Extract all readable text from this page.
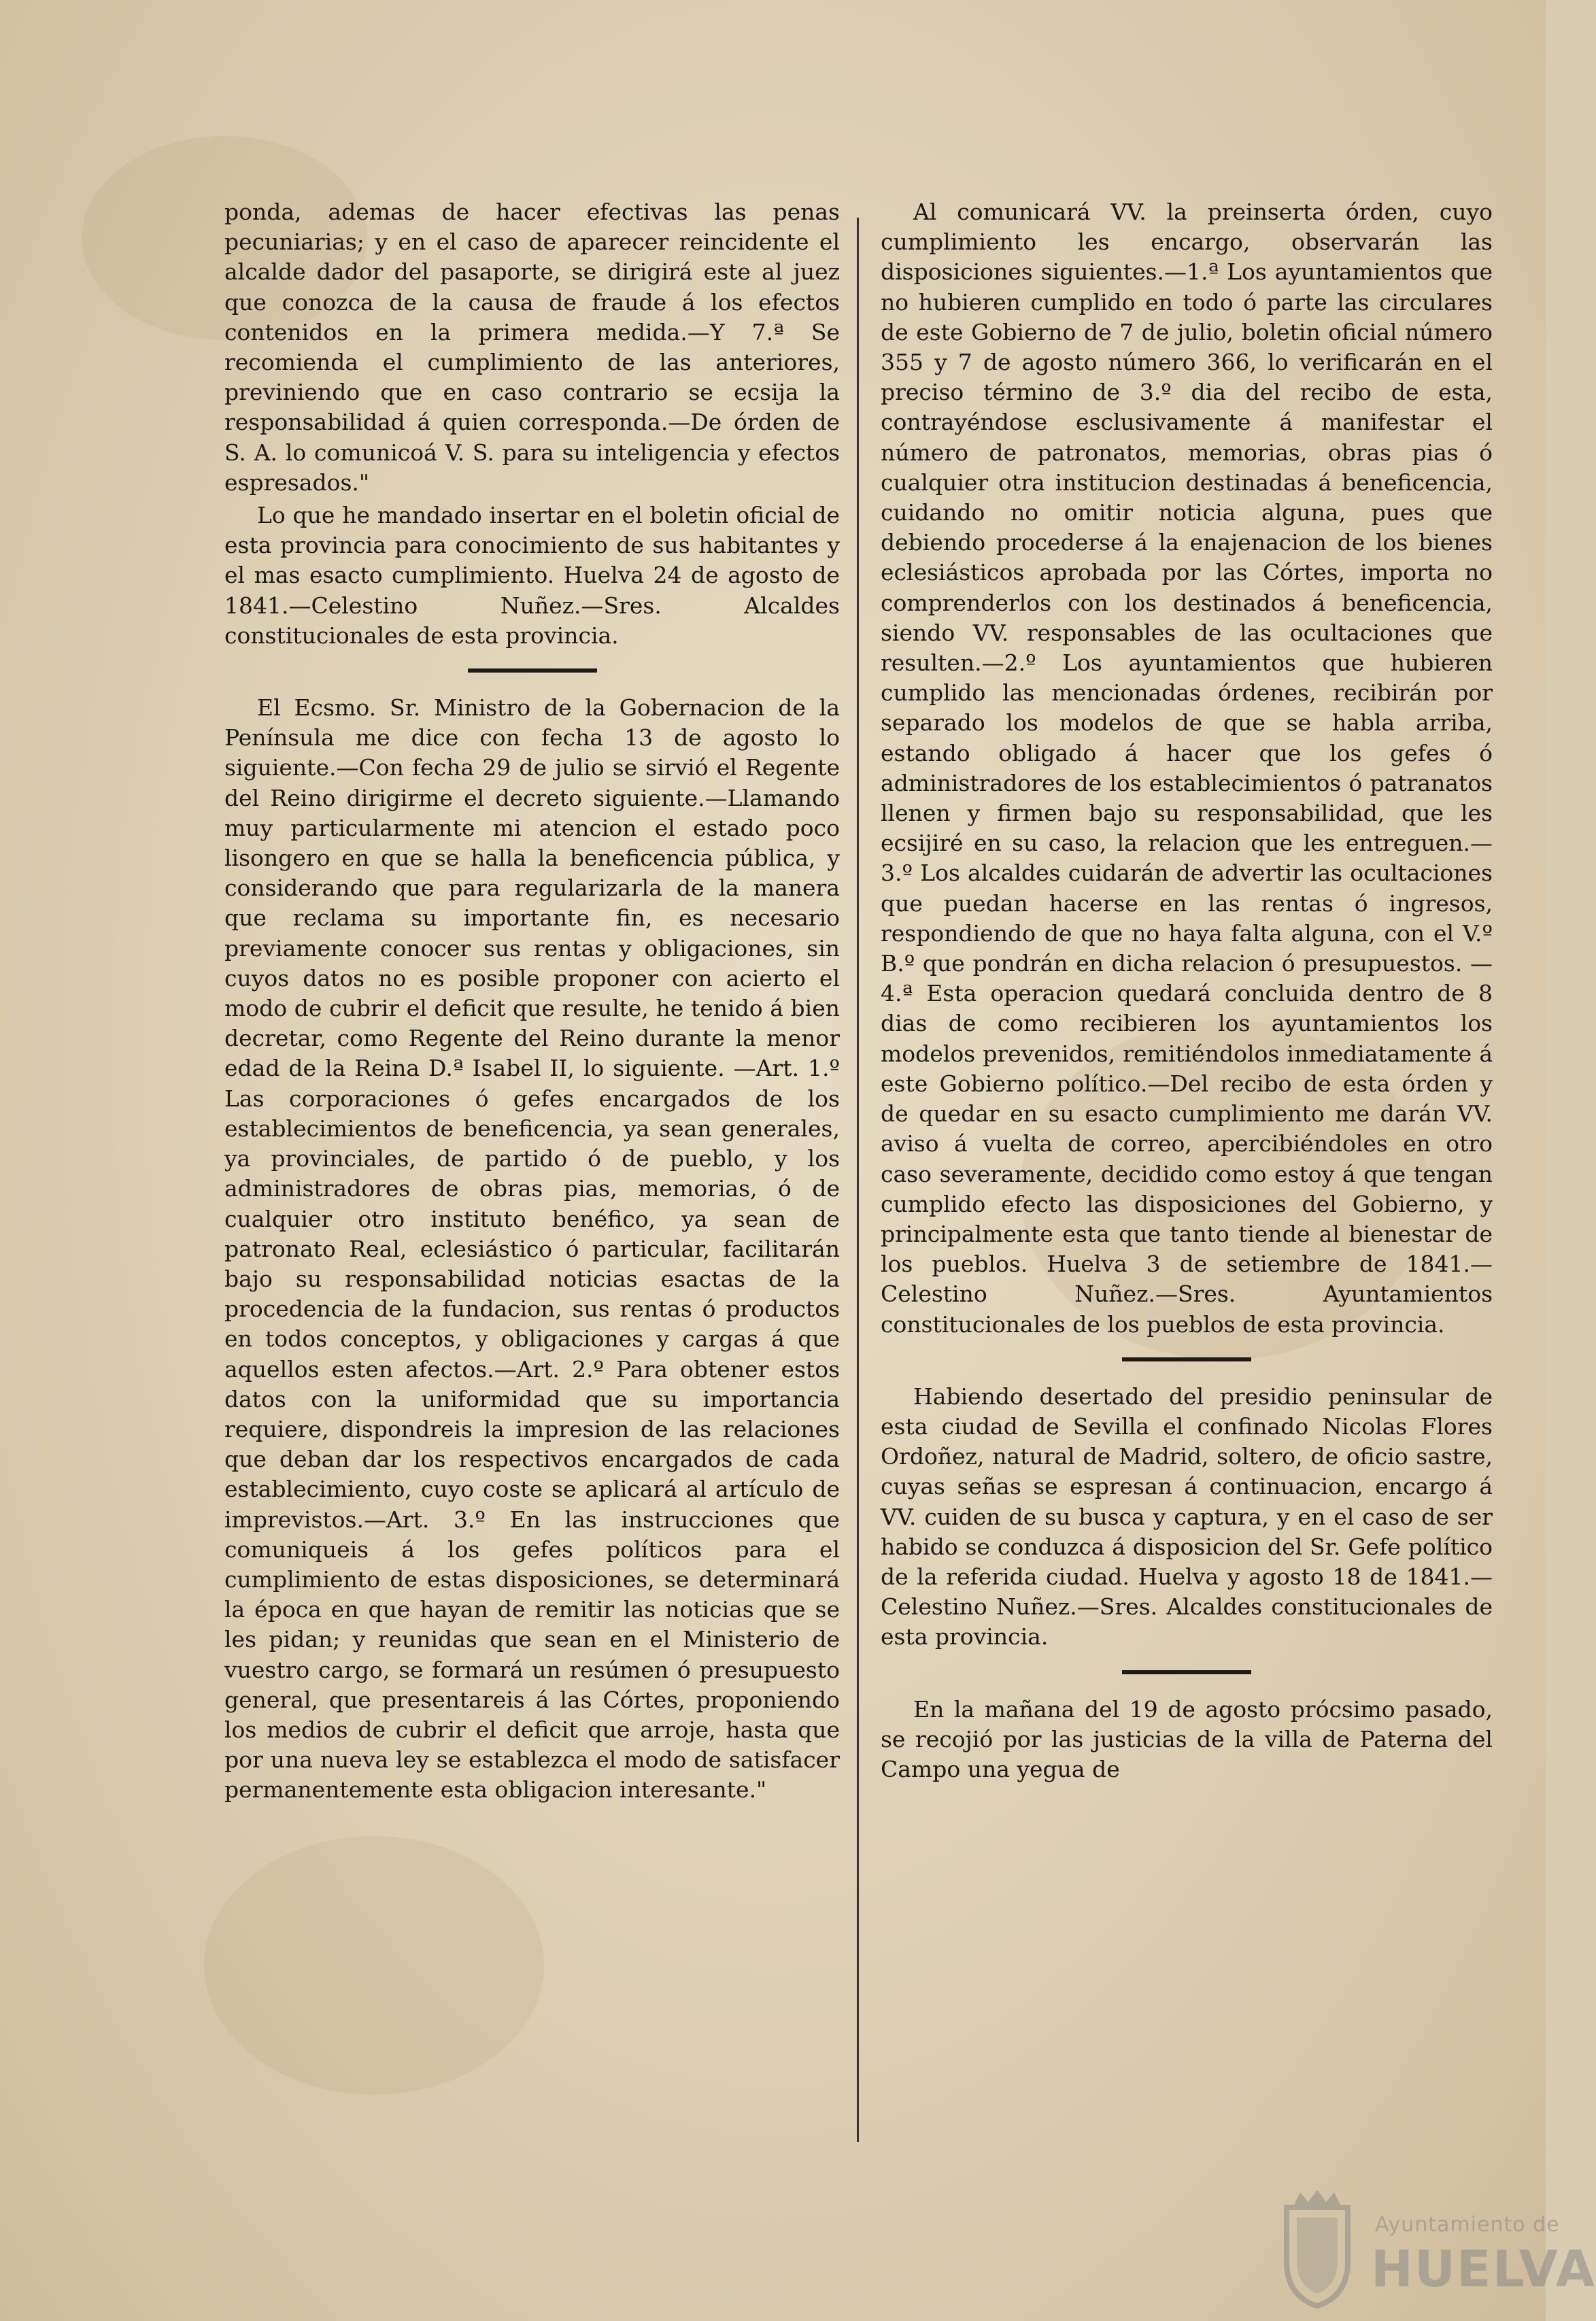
ponda, ademas de hacer efectivas las penas pecuniarias; y en el caso de aparecer reincidente el alcalde dador del pasaporte, se dirigirá este al juez que conozca de la causa de fraude á los efectos contenidos en la primera medida.—Y 7.ª Se recomienda el cumplimiento de las anteriores, previniendo que en caso contrario se ecsija la responsabilidad á quien corresponda.—De órden de S. A. lo comunicoá V. S. para su inteligencia y efectos espresados."

Lo que he mandado insertar en el boletin oficial de esta provincia para conocimiento de sus habitantes y el mas esacto cumplimiento. Huelva 24 de agosto de 1841.—Celestino Nuñez.—Sres. Alcaldes constitucionales de esta provincia.

El Ecsmo. Sr. Ministro de la Gobernacion de la Península me dice con fecha 13 de agosto lo siguiente.—Con fecha 29 de julio se sirvió el Regente del Reino dirigirme el decreto siguiente.—Llamando muy particularmente mi atencion el estado poco lisongero en que se halla la beneficencia pública, y considerando que para regularizarla de la manera que reclama su importante fin, es necesario previamente conocer sus rentas y obligaciones, sin cuyos datos no es posible proponer con acierto el modo de cubrir el deficit que resulte, he tenido á bien decretar, como Regente del Reino durante la menor edad de la Reina D.ª Isabel II, lo siguiente. —Art. 1.º Las corporaciones ó gefes encargados de los establecimientos de beneficencia, ya sean generales, ya provinciales, de partido ó de pueblo, y los administradores de obras pias, memorias, ó de cualquier otro instituto benéfico, ya sean de patronato Real, eclesiástico ó particular, facilitarán bajo su responsabilidad noticias esactas de la procedencia de la fundacion, sus rentas ó productos en todos conceptos, y obligaciones y cargas á que aquellos esten afectos.—Art. 2.º Para obtener estos datos con la uniformidad que su importancia requiere, dispondreis la impresion de las relaciones que deban dar los respectivos encargados de cada establecimiento, cuyo coste se aplicará al artículo de imprevistos.—Art. 3.º En las instrucciones que comuniqueis á los gefes políticos para el cumplimiento de estas disposiciones, se determinará la época en que hayan de remitir las noticias que se les pidan; y reunidas que sean en el Ministerio de vuestro cargo, se formará un resúmen ó presupuesto general, que presentareis á las Córtes, proponiendo los medios de cubrir el deficit que arroje, hasta que por una nueva ley se establezca el modo de satisfacer permanentemente esta obligacion interesante."

Al comunicará VV. la preinserta órden, cuyo cumplimiento les encargo, observarán las disposiciones siguientes.—1.ª Los ayuntamientos que no hubieren cumplido en todo ó parte las circulares de este Gobierno de 7 de julio, boletin oficial número 355 y 7 de agosto número 366, lo verificarán en el preciso término de 3.º dia del recibo de esta, contrayéndose esclusivamente á manifestar el número de patronatos, memorias, obras pias ó cualquier otra institucion destinadas á beneficencia, cuidando no omitir noticia alguna, pues que debiendo procederse á la enajenacion de los bienes eclesiásticos aprobada por las Córtes, importa no comprenderlos con los destinados á beneficencia, siendo VV. responsables de las ocultaciones que resulten.—2.º Los ayuntamientos que hubieren cumplido las mencionadas órdenes, recibirán por separado los modelos de que se habla arriba, estando obligado á hacer que los gefes ó administradores de los establecimientos ó patranatos llenen y firmen bajo su responsabilidad, que les ecsijiré en su caso, la relacion que les entreguen.—3.º Los alcaldes cuidarán de advertir las ocultaciones que puedan hacerse en las rentas ó ingresos, respondiendo de que no haya falta alguna, con el V.º B.º que pondrán en dicha relacion ó presupuestos. —4.ª Esta operacion quedará concluida dentro de 8 dias de como recibieren los ayuntamientos los modelos prevenidos, remitiéndolos inmediatamente á este Gobierno político.—Del recibo de esta órden y de quedar en su esacto cumplimiento me darán VV. aviso á vuelta de correo, apercibiéndoles en otro caso severamente, decidido como estoy á que tengan cumplido efecto las disposiciones del Gobierno, y principalmente esta que tanto tiende al bienestar de los pueblos. Huelva 3 de setiembre de 1841.—Celestino Nuñez.—Sres. Ayuntamientos constitucionales de los pueblos de esta provincia.

Habiendo desertado del presidio peninsular de esta ciudad de Sevilla el confinado Nicolas Flores Ordoñez, natural de Madrid, soltero, de oficio sastre, cuyas señas se espresan á continuacion, encargo á VV. cuiden de su busca y captura, y en el caso de ser habido se conduzca á disposicion del Sr. Gefe político de la referida ciudad. Huelva y agosto 18 de 1841.—Celestino Nuñez.—Sres. Alcaldes constitucionales de esta provincia.

En la mañana del 19 de agosto prócsimo pasado, se recojió por las justicias de la villa de Paterna del Campo una yegua de

Ayuntamiento de
HUELVA
